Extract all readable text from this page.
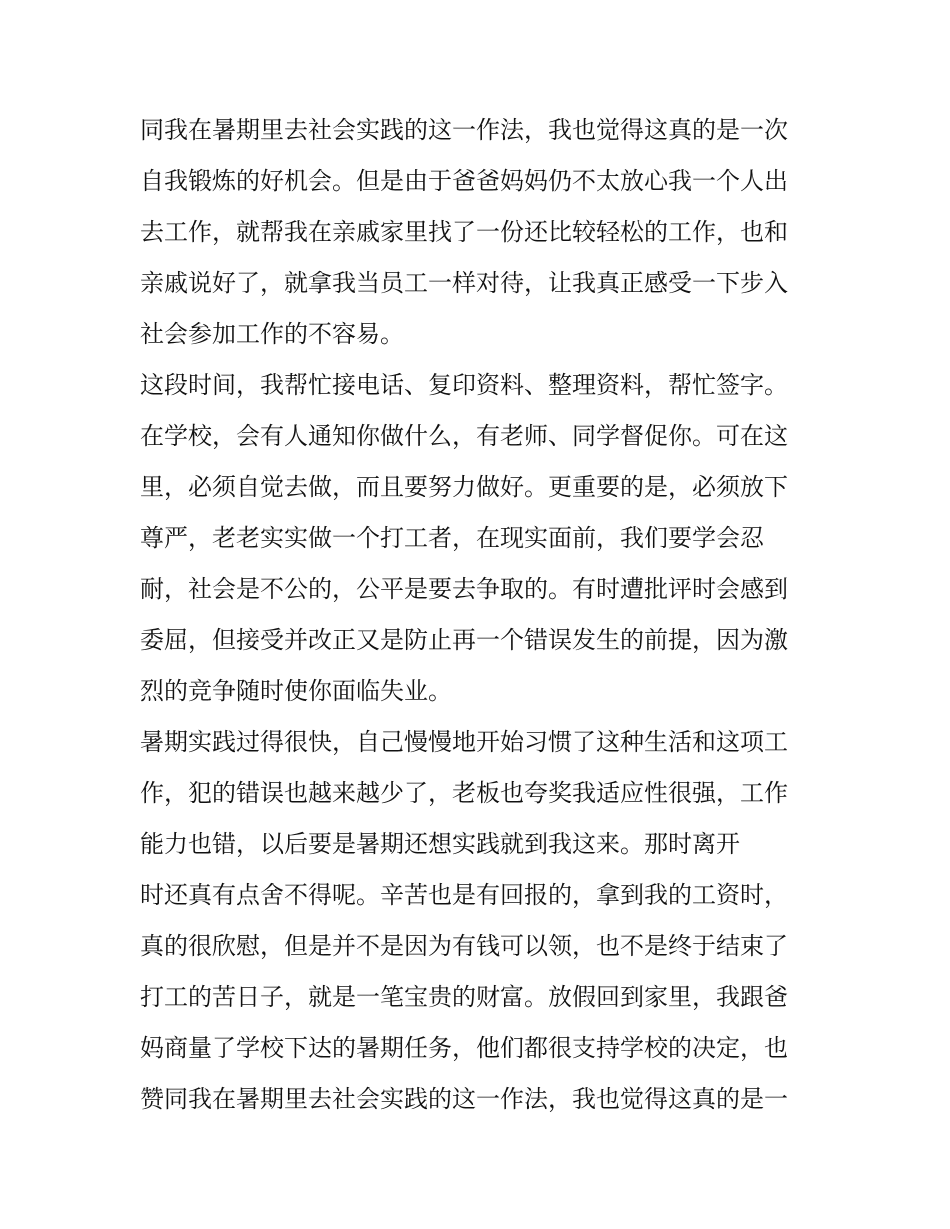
同我在暑期里去社会实践的这一作法，我也觉得这真的是一次
自我锻炼的好机会。但是由于爸爸妈妈仍不太放心我一个人出
去工作，就帮我在亲戚家里找了一份还比较轻松的工作，也和
亲戚说好了，就拿我当员工一样对待，让我真正感受一下步入
社会参加工作的不容易。
这段时间，我帮忙接电话、复印资料、整理资料，帮忙签字。
在学校，会有人通知你做什么，有老师、同学督促你。可在这
里，必须自觉去做，而且要努力做好。更重要的是，必须放下
尊严，老老实实做一个打工者，在现实面前，我们要学会忍
耐，社会是不公的，公平是要去争取的。有时遭批评时会感到
委屈，但接受并改正又是防止再一个错误发生的前提，因为激
烈的竞争随时使你面临失业。
暑期实践过得很快，自己慢慢地开始习惯了这种生活和这项工
作，犯的错误也越来越少了，老板也夸奖我适应性很强，工作
能力也错，以后要是暑期还想实践就到我这来。那时离开
时还真有点舍不得呢。辛苦也是有回报的，拿到我的工资时，
真的很欣慰，但是并不是因为有钱可以领，也不是终于结束了
打工的苦日子，就是一笔宝贵的财富。放假回到家里，我跟爸
妈商量了学校下达的暑期任务，他们都很支持学校的决定，也
赞同我在暑期里去社会实践的这一作法，我也觉得这真的是一
